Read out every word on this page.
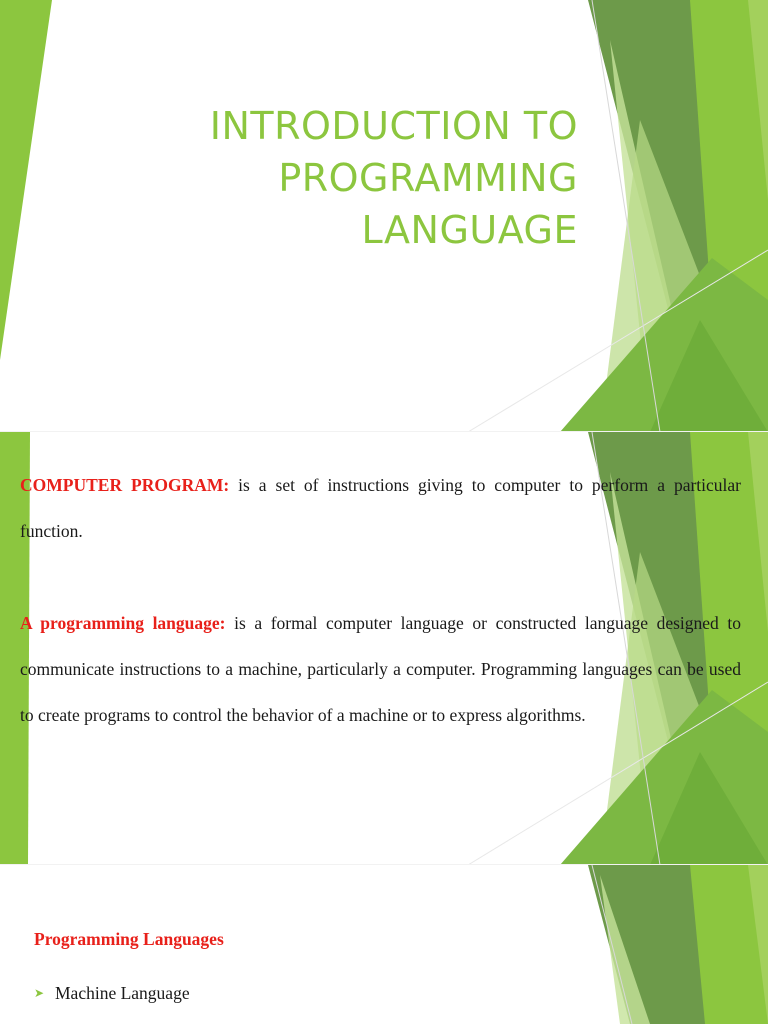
INTRODUCTION TO
PROGRAMMING
LANGUAGE
COMPUTER PROGRAM: is a set of instructions giving to computer to perform a particular function.
A programming language: is a formal computer language or constructed language designed to communicate instructions to a machine, particularly a computer. Programming languages can be used to create programs to control the behavior of a machine or to express algorithms.
Programming Languages
➤ Machine Language
